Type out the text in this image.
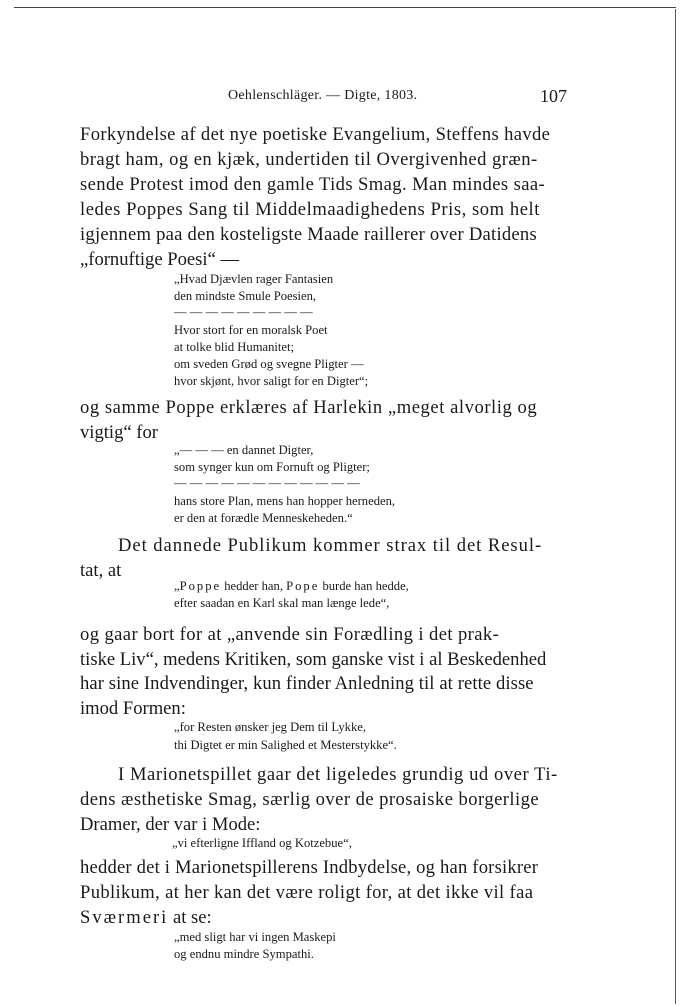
Oehlenschläger. — Digte, 1803.	107
Forkyndelse af det nye poetiske Evangelium, Steffens havde
bragt ham, og en kjæk, undertiden til Overgivenhed græn-
sende Protest imod den gamle Tids Smag. Man mindes saa-
ledes Poppes Sang til Middelmaadighedens Pris, som helt
igjennem paa den kosteligste Maade raillerer over Datidens
„fornuftige Poesi“ —
„Hvad Djævlen rager Fantasien
den mindste Smule Poesien,
— — — — — — — — —
Hvor stort for en moralsk Poet
at tolke blid Humanitet;
om sveden Grød og svegne Pligter —
hvor skjønt, hvor saligt for en Digter“;
og samme Poppe erklæres af Harlekin „meget alvorlig og
vigtig“ for
„— — — en dannet Digter,
som synger kun om Fornuft og Pligter;
— — — — — — — — — — — —
hans store Plan, mens han hopper herneden,
er den at forædle Menneskeheden.“
Det dannede Publikum kommer strax til det Resul-
tat, at
„Poppe hedder han, Pope burde han hedde,
efter saadan en Karl skal man længe lede“,
og gaar bort for at „anvende sin Forædling i det prak-
tiske Liv“, medens Kritiken, som ganske vist i al Beskedenhed
har sine Indvendinger, kun finder Anledning til at rette disse
imod Formen:
„for Resten ønsker jeg Dem til Lykke,
thi Digtet er min Salighed et Mesterstykke“.
I Marionetspillet gaar det ligeledes grundig ud over Ti-
dens æsthetiske Smag, særlig over de prosaiske borgerlige
Dramer, der var i Mode:
„vi efterligne Iffland og Kotzebue“,
hedder det i Marionetspillerens Indbydelse, og han forsikrer
Publikum, at her kan det være roligt for, at det ikke vil faa
Sværmeri at se:
„med sligt har vi ingen Maskepi
og endnu mindre Sympathi.
